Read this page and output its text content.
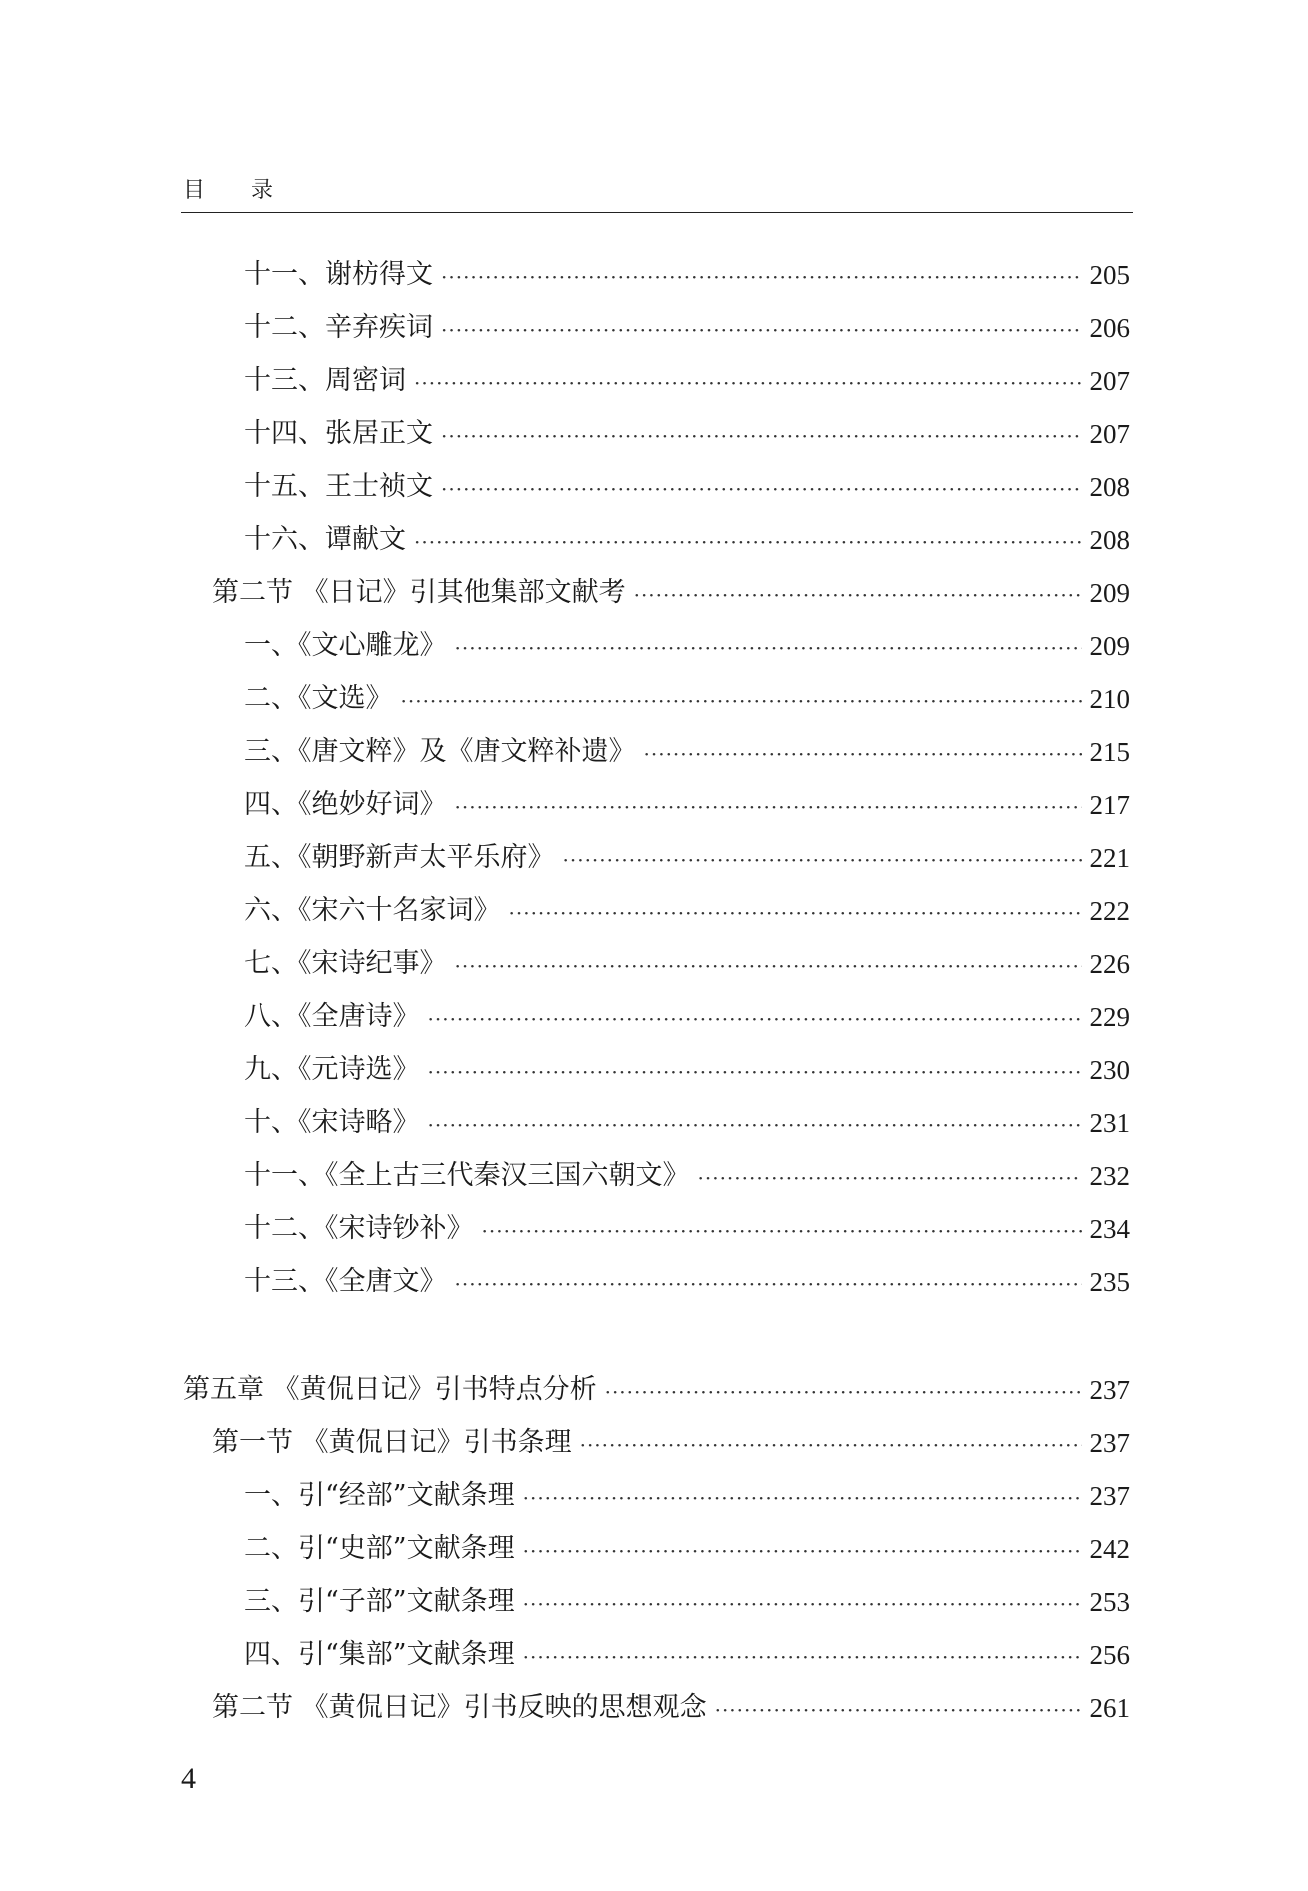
目 录
十一、谢枋得文 ·····	205
十二、辛弃疾词 ·····	206
十三、周密词 ·····	207
十四、张居正文 ·····	207
十五、王士祯文 ·····	208
十六、谭献文 ·····	208
第二节 《日记》引其他集部文献考 ·····	209
一、《文心雕龙》 ·····	209
二、《文选》 ·····	210
三、《唐文粹》及《唐文粹补遗》 ·····	215
四、《绝妙好词》 ·····	217
五、《朝野新声太平乐府》 ·····	221
六、《宋六十名家词》 ·····	222
七、《宋诗纪事》 ·····	226
八、《全唐诗》 ·····	229
九、《元诗选》 ·····	230
十、《宋诗略》 ·····	231
十一、《全上古三代秦汉三国六朝文》 ·····	232
十二、《宋诗钞补》 ·····	234
十三、《全唐文》 ·····	235
第五章 《黄侃日记》引书特点分析 ·····	237
第一节 《黄侃日记》引书条理 ·····	237
一、引“经部”文献条理 ·····	237
二、引“史部”文献条理 ·····	242
三、引“子部”文献条理 ·····	253
四、引“集部”文献条理 ·····	256
第二节 《黄侃日记》引书反映的思想观念 ·····	261
4
